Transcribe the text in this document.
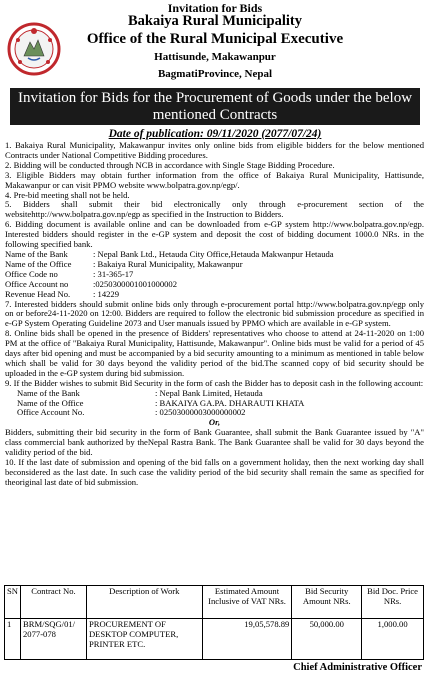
Invitation for Bids
Bakaiya Rural Municipality
Office of the Rural Municipal Executive
Hattisunde, Makawanpur
BagmatiProvince, Nepal
Invitation for Bids for the Procurement of Goods under the below mentioned Contracts
Date of publication: 09/11/2020 (2077/07/24)

1. Bakaiya Rural Municipality, Makawanpur invites only online bids from eligible bidders for the below mentioned Contracts under National Competitive Bidding procedures.

2. Bidding will be conducted through NCB in accordance with Single Stage Bidding Procedure.

3. Eligible Bidders may obtain further information from the office of Bakaiya Rural Municipality, Hattisunde, Makawanpur or can visit PPMO website www.bolpatra.gov.np/egp/.

4. Pre-bid meeting shall not be held.

5. Bidders shall submit their bid electronically only through e-procurement section of the websitehttp://www.bolpatra.gov.np/egp as specified in the Instruction to Bidders.

6. Bidding document is available online and can be downloaded from e-GP system http://www.bolpatra.gov.np/egp. Interested bidders should register in the e-GP system and deposit the cost of bidding document 1000.0 NRs. in the following specified bank.

Name of the Bank	: Nepal Bank Ltd., Hetauda City Office,Hetauda Makwanpur Hetauda
Name of the Office	: Bakaiya Rural Municipality, Makawanpur
Office Code no	: 31-365-17
Office Account no	:0250300001001000002
Revenue Head No.	: 14229

7. Interested bidders should submit online bids only through e-procurement portal http://www.bolpatra.gov.np/egp only on or before24-11-2020 on 12:00. Bidders are required to follow the electronic bid submission procedure as specified in e-GP System Operating Guideline 2073 and User manuals issued by PPMO which are available in e-GP system.

8. Online bids shall be opened in the presence of Bidders' representatives who choose to attend at 24-11-2020 on 1:00 PM at the office of "Bakaiya Rural Municipality, Hattisunde, Makawanpur". Online bids must be valid for a period of 45 days after bid opening and must be accompanied by a bid security amounting to a minimum as mentioned in table below which shall be valid for 30 days beyond the validity period of the bid.The scanned copy of bid security should be uploaded in the e-GP system during bid submission.

9. If the Bidder wishes to submit Bid Security in the form of cash the Bidder has to deposit cash in the following account:

Name of the Bank	: Nepal Bank Limited, Hetauda
Name of the Office	: BAKAIYA GA.PA. DHARAUTI KHATA
Office Account No.	: 02503000003000000002
Or,

Bidders, submitting their bid security in the form of Bank Guarantee, shall submit the Bank Guarantee issued by "A" class commercial bank authorized by theNepal Rastra Bank. The Bank Guarantee shall be valid for 30 days beyond the validity period of the bid.

10. If the last date of submission and opening of the bid falls on a government holiday, then the next working day shall beconsidered as the last date. In such case the validity period of the bid security shall remain the same as specified for theoriginal last date of bid submission.

SN	Contract No.	Description of Work	Estimated Amount Inclusive of VAT NRs.	Bid Security Amount NRs.	Bid Doc. Price NRs.
1	BRM/SQG/01/ 2077-078	PROCUREMENT OF DESKTOP COMPUTER, PRINTER ETC.	19,05,578.89	50,000.00	1,000.00
Chief Administrative Officer
